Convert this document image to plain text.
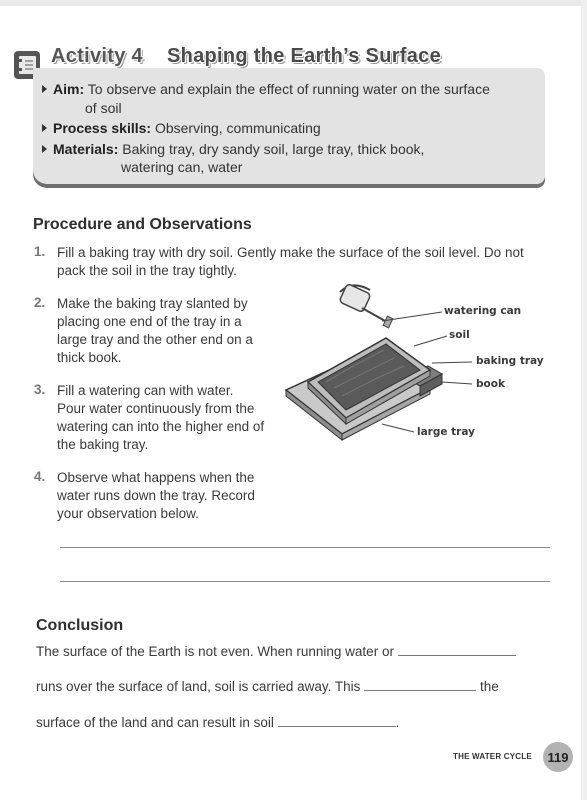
Aim: To observe and explain the effect of running water on the surface
of soil
Process skills: Observing, communicating
Materials: Baking tray, dry sandy soil, large tray, thick book,
watering can, water
Activity 4 Shaping the Earth’s Surface
Procedure and Observations
1. Fill a baking tray with dry soil. Gently make the surface of the soil level. Do not
pack the soil in the tray tightly.
2. Make the baking tray slanted by
placing one end of the tray in a
large tray and the other end on a
thick book.
3. Fill a watering can with water.
Pour water continuously from the
watering can into the higher end of
the baking tray.
4. Observe what happens when the
water runs down the tray. Record
your observation below.
watering can
soil
baking tray
book
large tray
Conclusion
The surface of the Earth is not even. When running water or
runs over the surface of land, soil is carried away. This	the
surface of the land and can result in soil	.
THE WATER CYCLE	119
